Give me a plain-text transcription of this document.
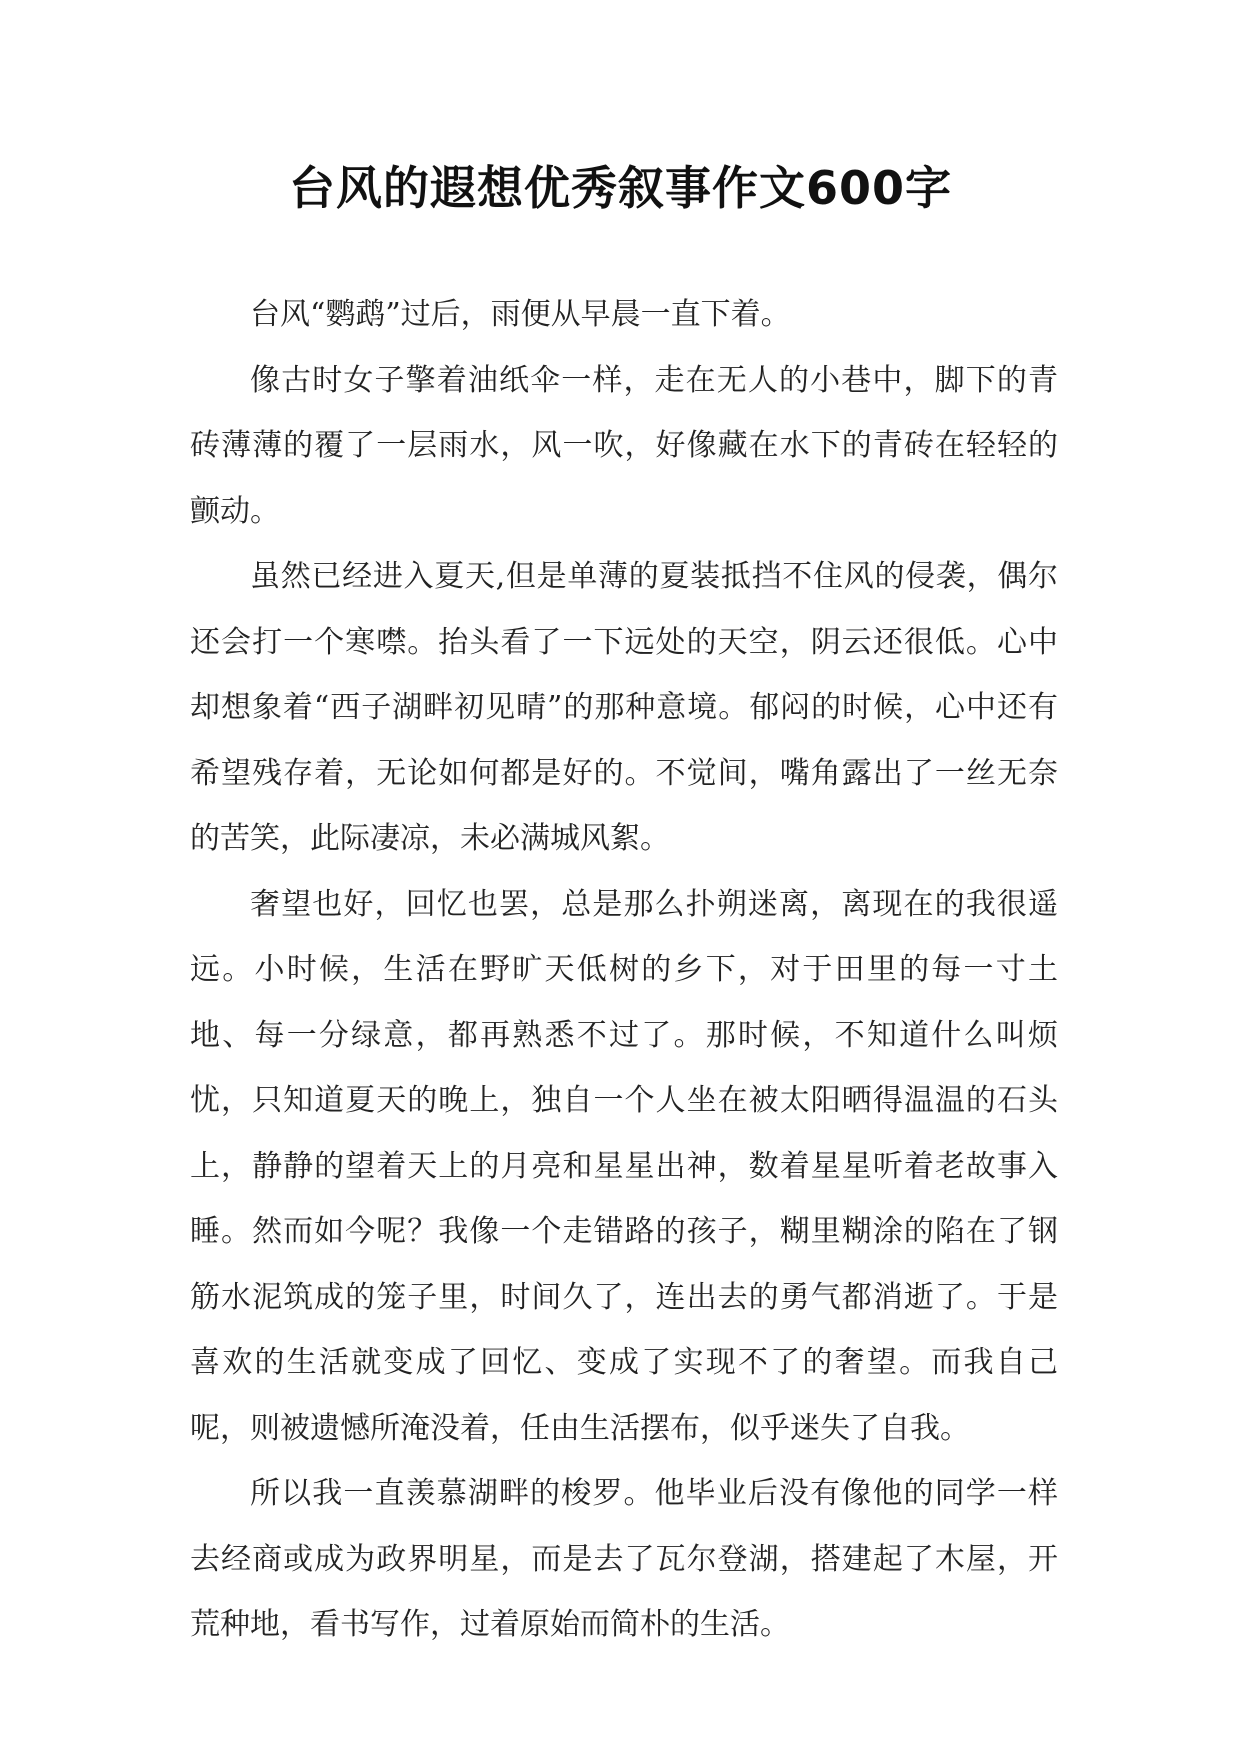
台风的遐想优秀叙事作文600字

台风“鹦鹉”过后，雨便从早晨一直下着。

像古时女子擎着油纸伞一样，走在无人的小巷中，脚下的青砖薄薄的覆了一层雨水，风一吹，好像藏在水下的青砖在轻轻的颤动。

虽然已经进入夏天,但是单薄的夏装抵挡不住风的侵袭，偶尔还会打一个寒噤。抬头看了一下远处的天空，阴云还很低。心中却想象着“西子湖畔初见晴”的那种意境。郁闷的时候，心中还有希望残存着，无论如何都是好的。不觉间，嘴角露出了一丝无奈的苦笑，此际凄凉，未必满城风絮。

奢望也好，回忆也罢，总是那么扑朔迷离，离现在的我很遥远。小时候，生活在野旷天低树的乡下，对于田里的每一寸土地、每一分绿意，都再熟悉不过了。那时候，不知道什么叫烦忧，只知道夏天的晚上，独自一个人坐在被太阳晒得温温的石头上，静静的望着天上的月亮和星星出神，数着星星听着老故事入睡。然而如今呢？我像一个走错路的孩子，糊里糊涂的陷在了钢筋水泥筑成的笼子里，时间久了，连出去的勇气都消逝了。于是喜欢的生活就变成了回忆、变成了实现不了的奢望。而我自己呢，则被遗憾所淹没着，任由生活摆布，似乎迷失了自我。

所以我一直羡慕湖畔的梭罗。他毕业后没有像他的同学一样去经商或成为政界明星，而是去了瓦尔登湖，搭建起了木屋，开荒种地，看书写作，过着原始而简朴的生活。
